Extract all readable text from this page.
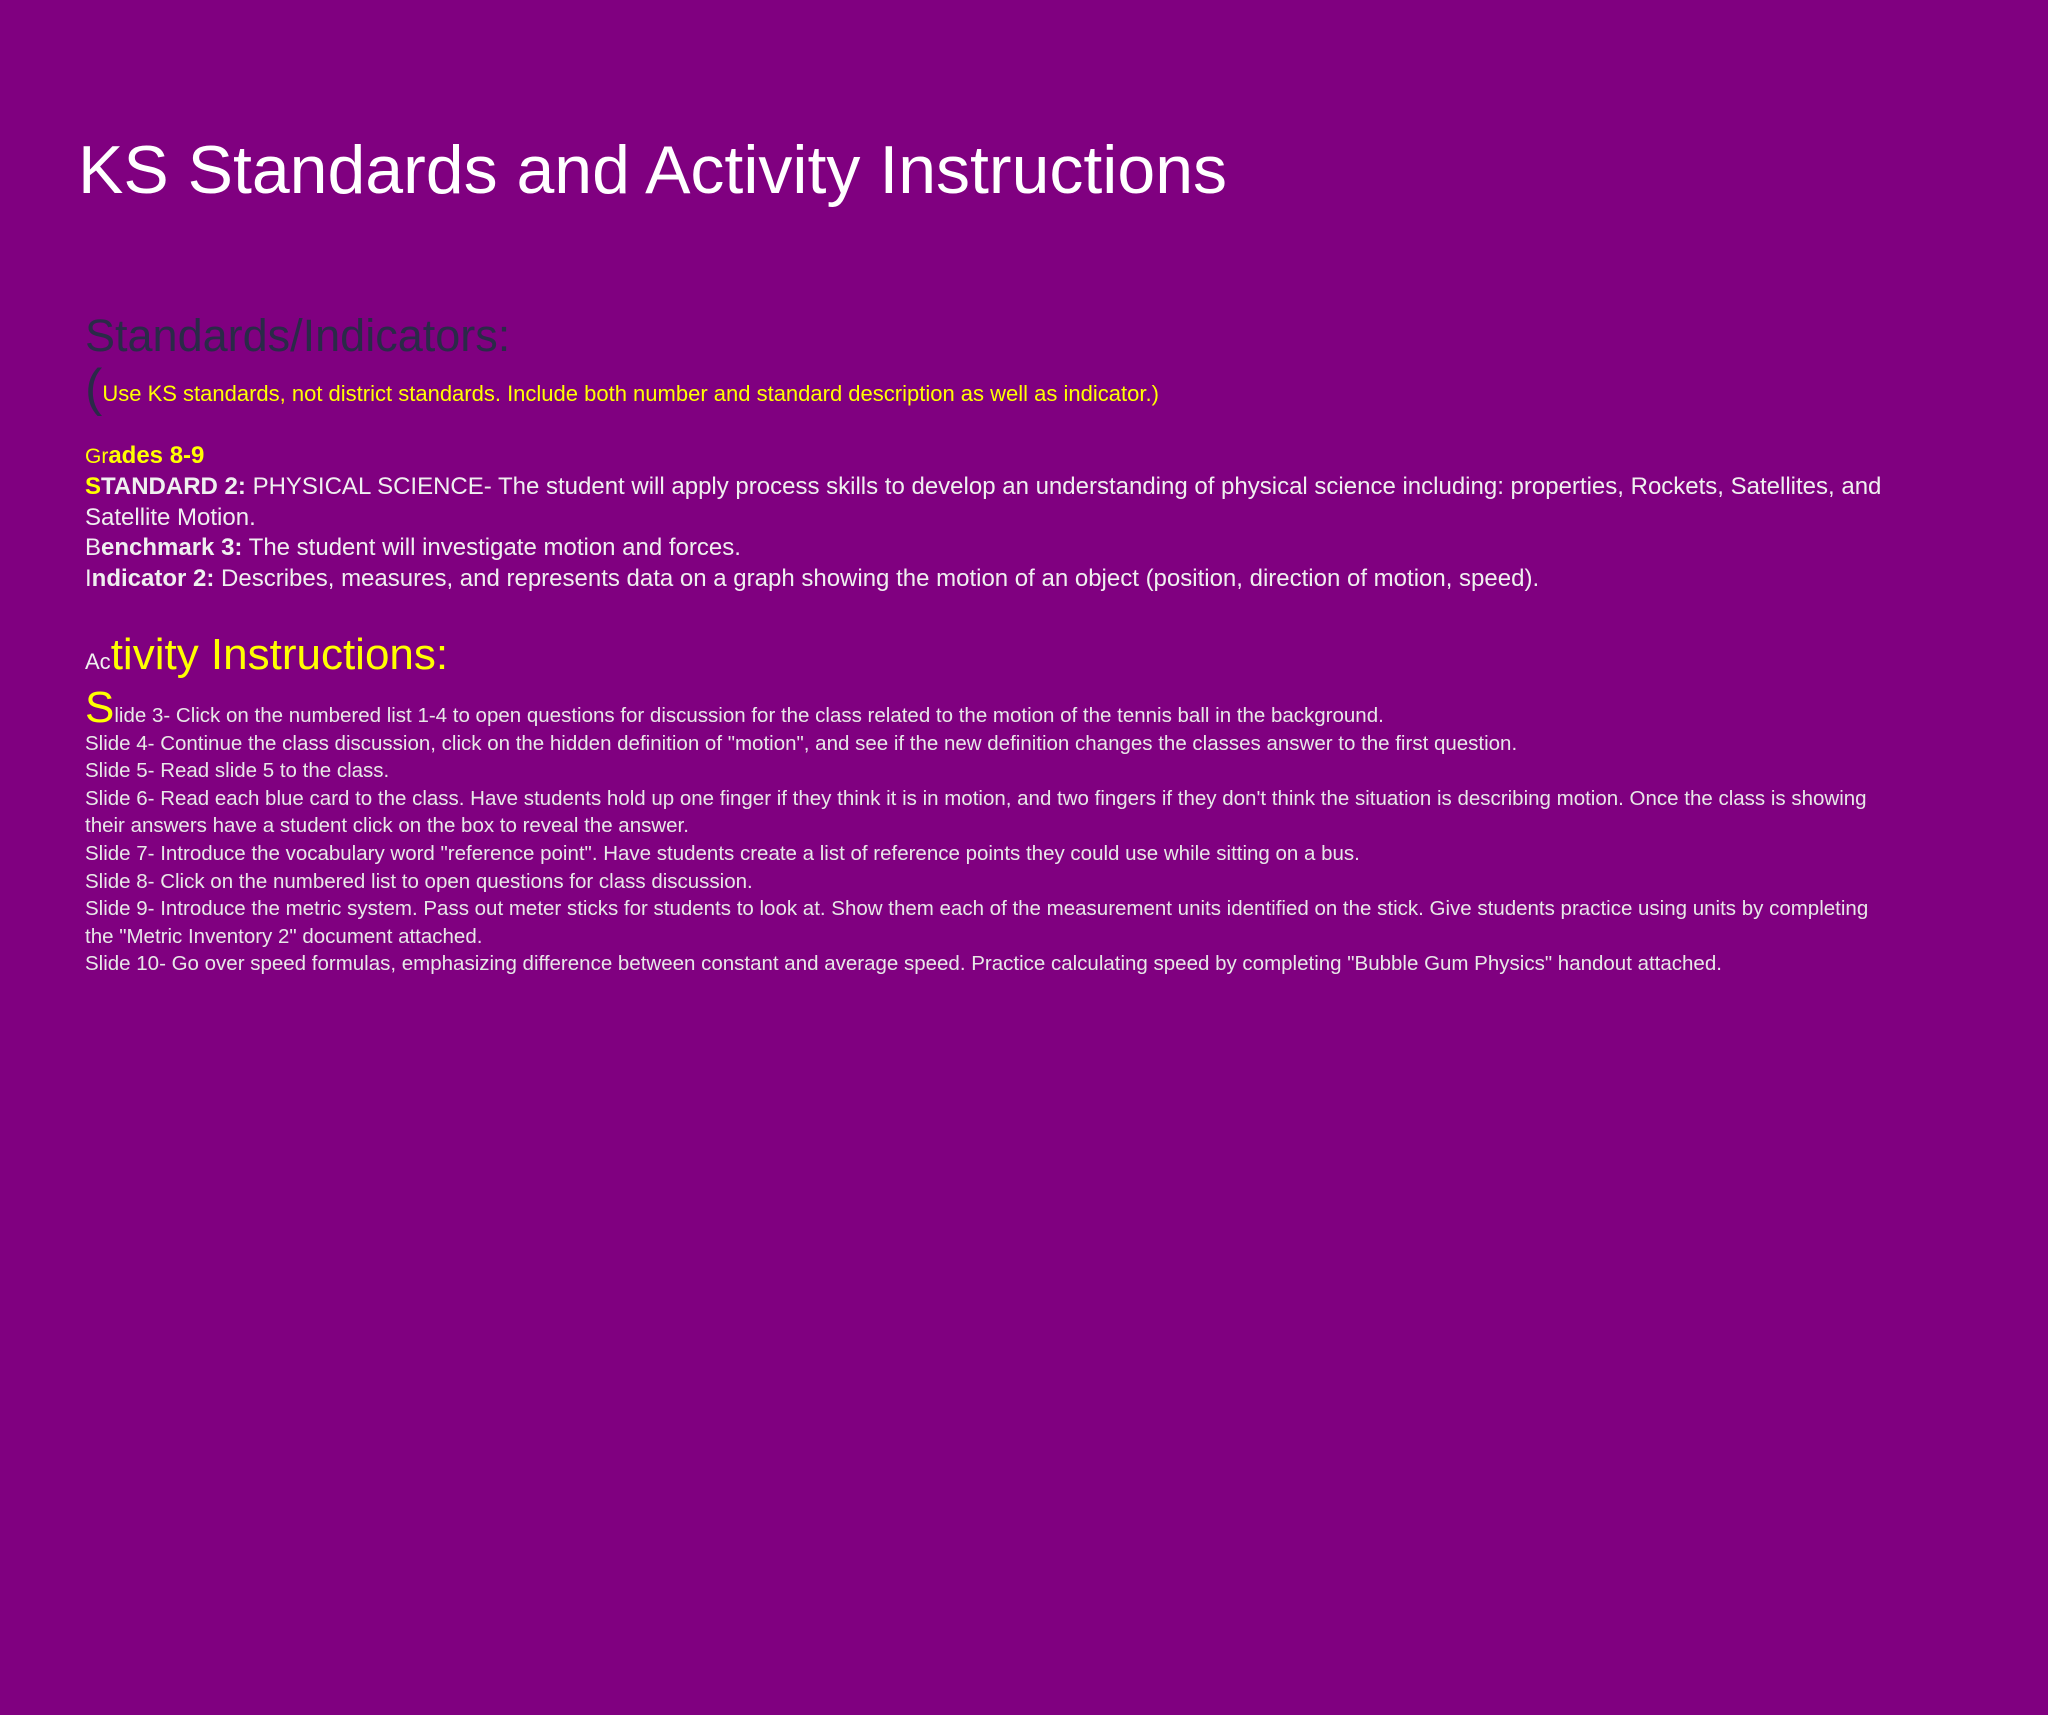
KS Standards and Activity Instructions
Standards/Indicators:
(Use KS standards, not district standards. Include both number and standard description as well as indicator.)
Grades 8-9
STANDARD 2: PHYSICAL SCIENCE- The student will apply process skills to develop an understanding of physical science including: properties, Rockets, Satellites, and Satellite Motion.
Benchmark 3: The student will investigate motion and forces.
Indicator 2: Describes, measures, and represents data on a graph showing the motion of an object (position, direction of motion, speed).
Activity Instructions:
Slide 3- Click on the numbered list 1-4 to open questions for discussion for the class related to the motion of the tennis ball in the background.
Slide 4- Continue the class discussion, click on the hidden definition of "motion", and see if the new definition changes the classes answer to the first question.
Slide 5- Read slide 5 to the class.
Slide 6- Read each blue card to the class. Have students hold up one finger if they think it is in motion, and two fingers if they don't think the situation is describing motion. Once the class is showing their answers have a student click on the box to reveal the answer.
Slide 7- Introduce the vocabulary word "reference point". Have students create a list of reference points they could use while sitting on a bus.
Slide 8- Click on the numbered list to open questions for class discussion.
Slide 9- Introduce the metric system. Pass out meter sticks for students to look at. Show them each of the measurement units identified on the stick. Give students practice using units by completing the "Metric Inventory 2" document attached.
Slide 10- Go over speed formulas, emphasizing difference between constant and average speed. Practice calculating speed by completing "Bubble Gum Physics" handout attached.
